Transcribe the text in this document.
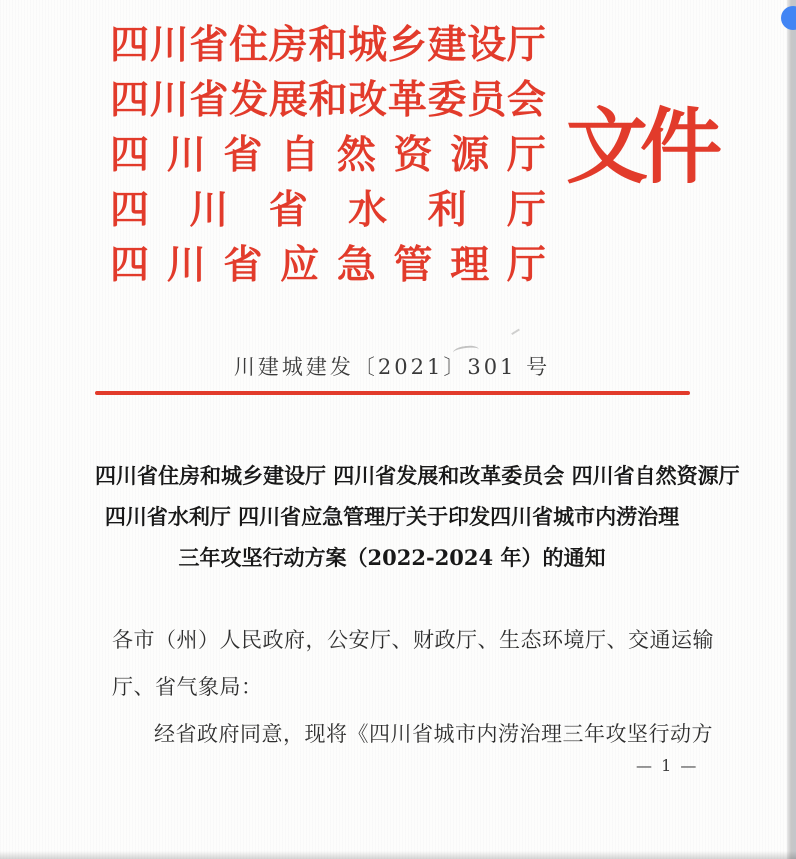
四 川 省 住 房 和 城 乡 建 设 厅
四 川 省 发 展 和 改 革 委 员 会
四 川 省 自 然 资 源 厅
四 川 省 水 利 厅
四 川 省 应 急 管 理 厅
文件
川建城建发〔2021〕301 号
四川省住房和城乡建设厅 四川省发展和改革委员会 四川省自然资源厅
四川省水利厅 四川省应急管理厅关于印发四川省城市内涝治理
三年攻坚行动方案（2022-2024 年）的通知
各市（州）人民政府，公安厅、财政厅、生态环境厅、交通运输
厅、省气象局：
经省政府同意，现将《四川省城市内涝治理三年攻坚行动方
— 1 —
